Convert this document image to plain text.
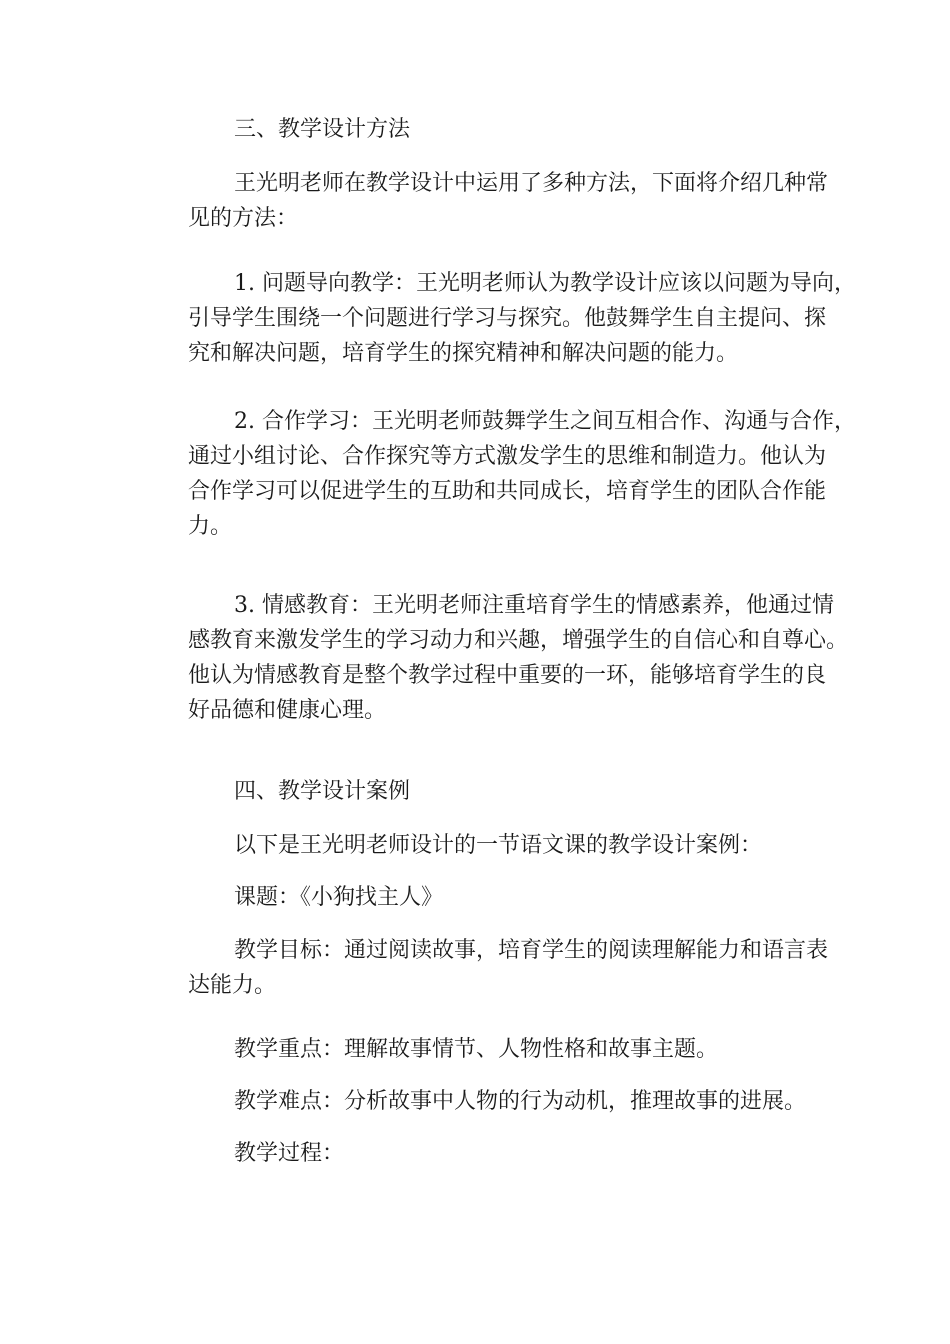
三、教学设计方法
王光明老师在教学设计中运用了多种方法，下面将介绍几种常
见的方法：
1. 问题导向教学：王光明老师认为教学设计应该以问题为导向，
引导学生围绕一个问题进行学习与探究。他鼓舞学生自主提问、探
究和解决问题，培育学生的探究精神和解决问题的能力。
2. 合作学习：王光明老师鼓舞学生之间互相合作、沟通与合作，
通过小组讨论、合作探究等方式激发学生的思维和制造力。他认为
合作学习可以促进学生的互助和共同成长，培育学生的团队合作能
力。
3. 情感教育：王光明老师注重培育学生的情感素养，他通过情
感教育来激发学生的学习动力和兴趣，增强学生的自信心和自尊心。
他认为情感教育是整个教学过程中重要的一环，能够培育学生的良
好品德和健康心理。
四、教学设计案例
以下是王光明老师设计的一节语文课的教学设计案例：
课题：《小狗找主人》
教学目标：通过阅读故事，培育学生的阅读理解能力和语言表
达能力。
教学重点：理解故事情节、人物性格和故事主题。
教学难点：分析故事中人物的行为动机，推理故事的进展。
教学过程：
